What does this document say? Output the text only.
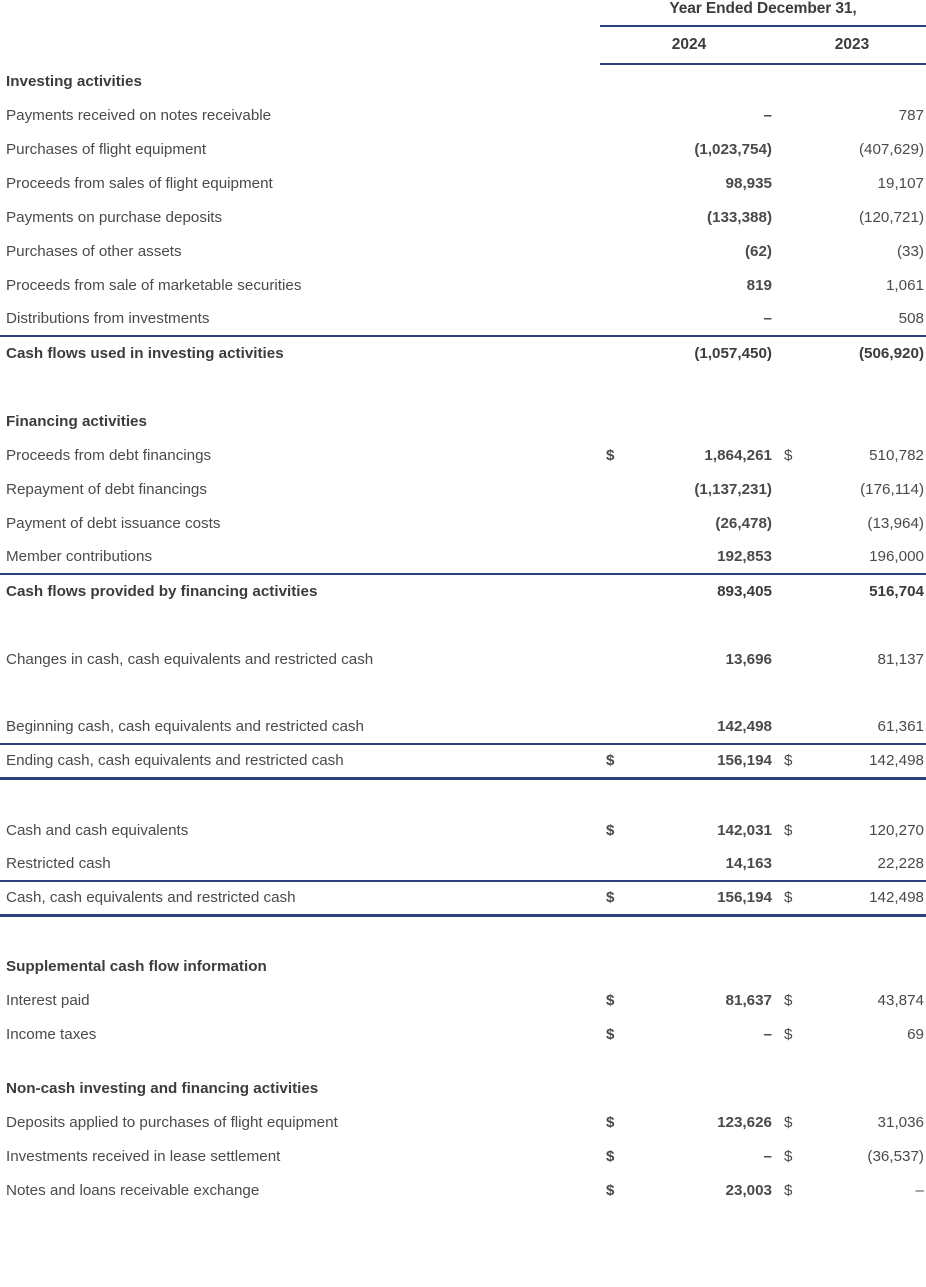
	Year Ended December 31,			
	2024		2023	
Investing activities				
Payments received on notes receivable		–		787
Purchases of flight equipment		(1,023,754)		(407,629)
Proceeds from sales of flight equipment		98,935		19,107
Payments on purchase deposits		(133,388)		(120,721)
Purchases of other assets		(62)		(33)
Proceeds from sale of marketable securities		819		1,061
Distributions from investments		–		508
Cash flows used in investing activities		(1,057,450)		(506,920)

Financing activities				
Proceeds from debt financings	$	1,864,261	$	510,782
Repayment of debt financings		(1,137,231)		(176,114)
Payment of debt issuance costs		(26,478)		(13,964)
Member contributions		192,853		196,000
Cash flows provided by financing activities		893,405		516,704

Changes in cash, cash equivalents and restricted cash		13,696		81,137

Beginning cash, cash equivalents and restricted cash		142,498		61,361
Ending cash, cash equivalents and restricted cash	$	156,194	$	142,498

Cash and cash equivalents	$	142,031	$	120,270
Restricted cash		14,163		22,228
Cash, cash equivalents and restricted cash	$	156,194	$	142,498

Supplemental cash flow information				
Interest paid	$	81,637	$	43,874
Income taxes	$	–	$	69

Non-cash investing and financing activities				
Deposits applied to purchases of flight equipment	$	123,626	$	31,036
Investments received in lease settlement	$	–	$	(36,537)
Notes and loans receivable exchange	$	23,003	$	–
